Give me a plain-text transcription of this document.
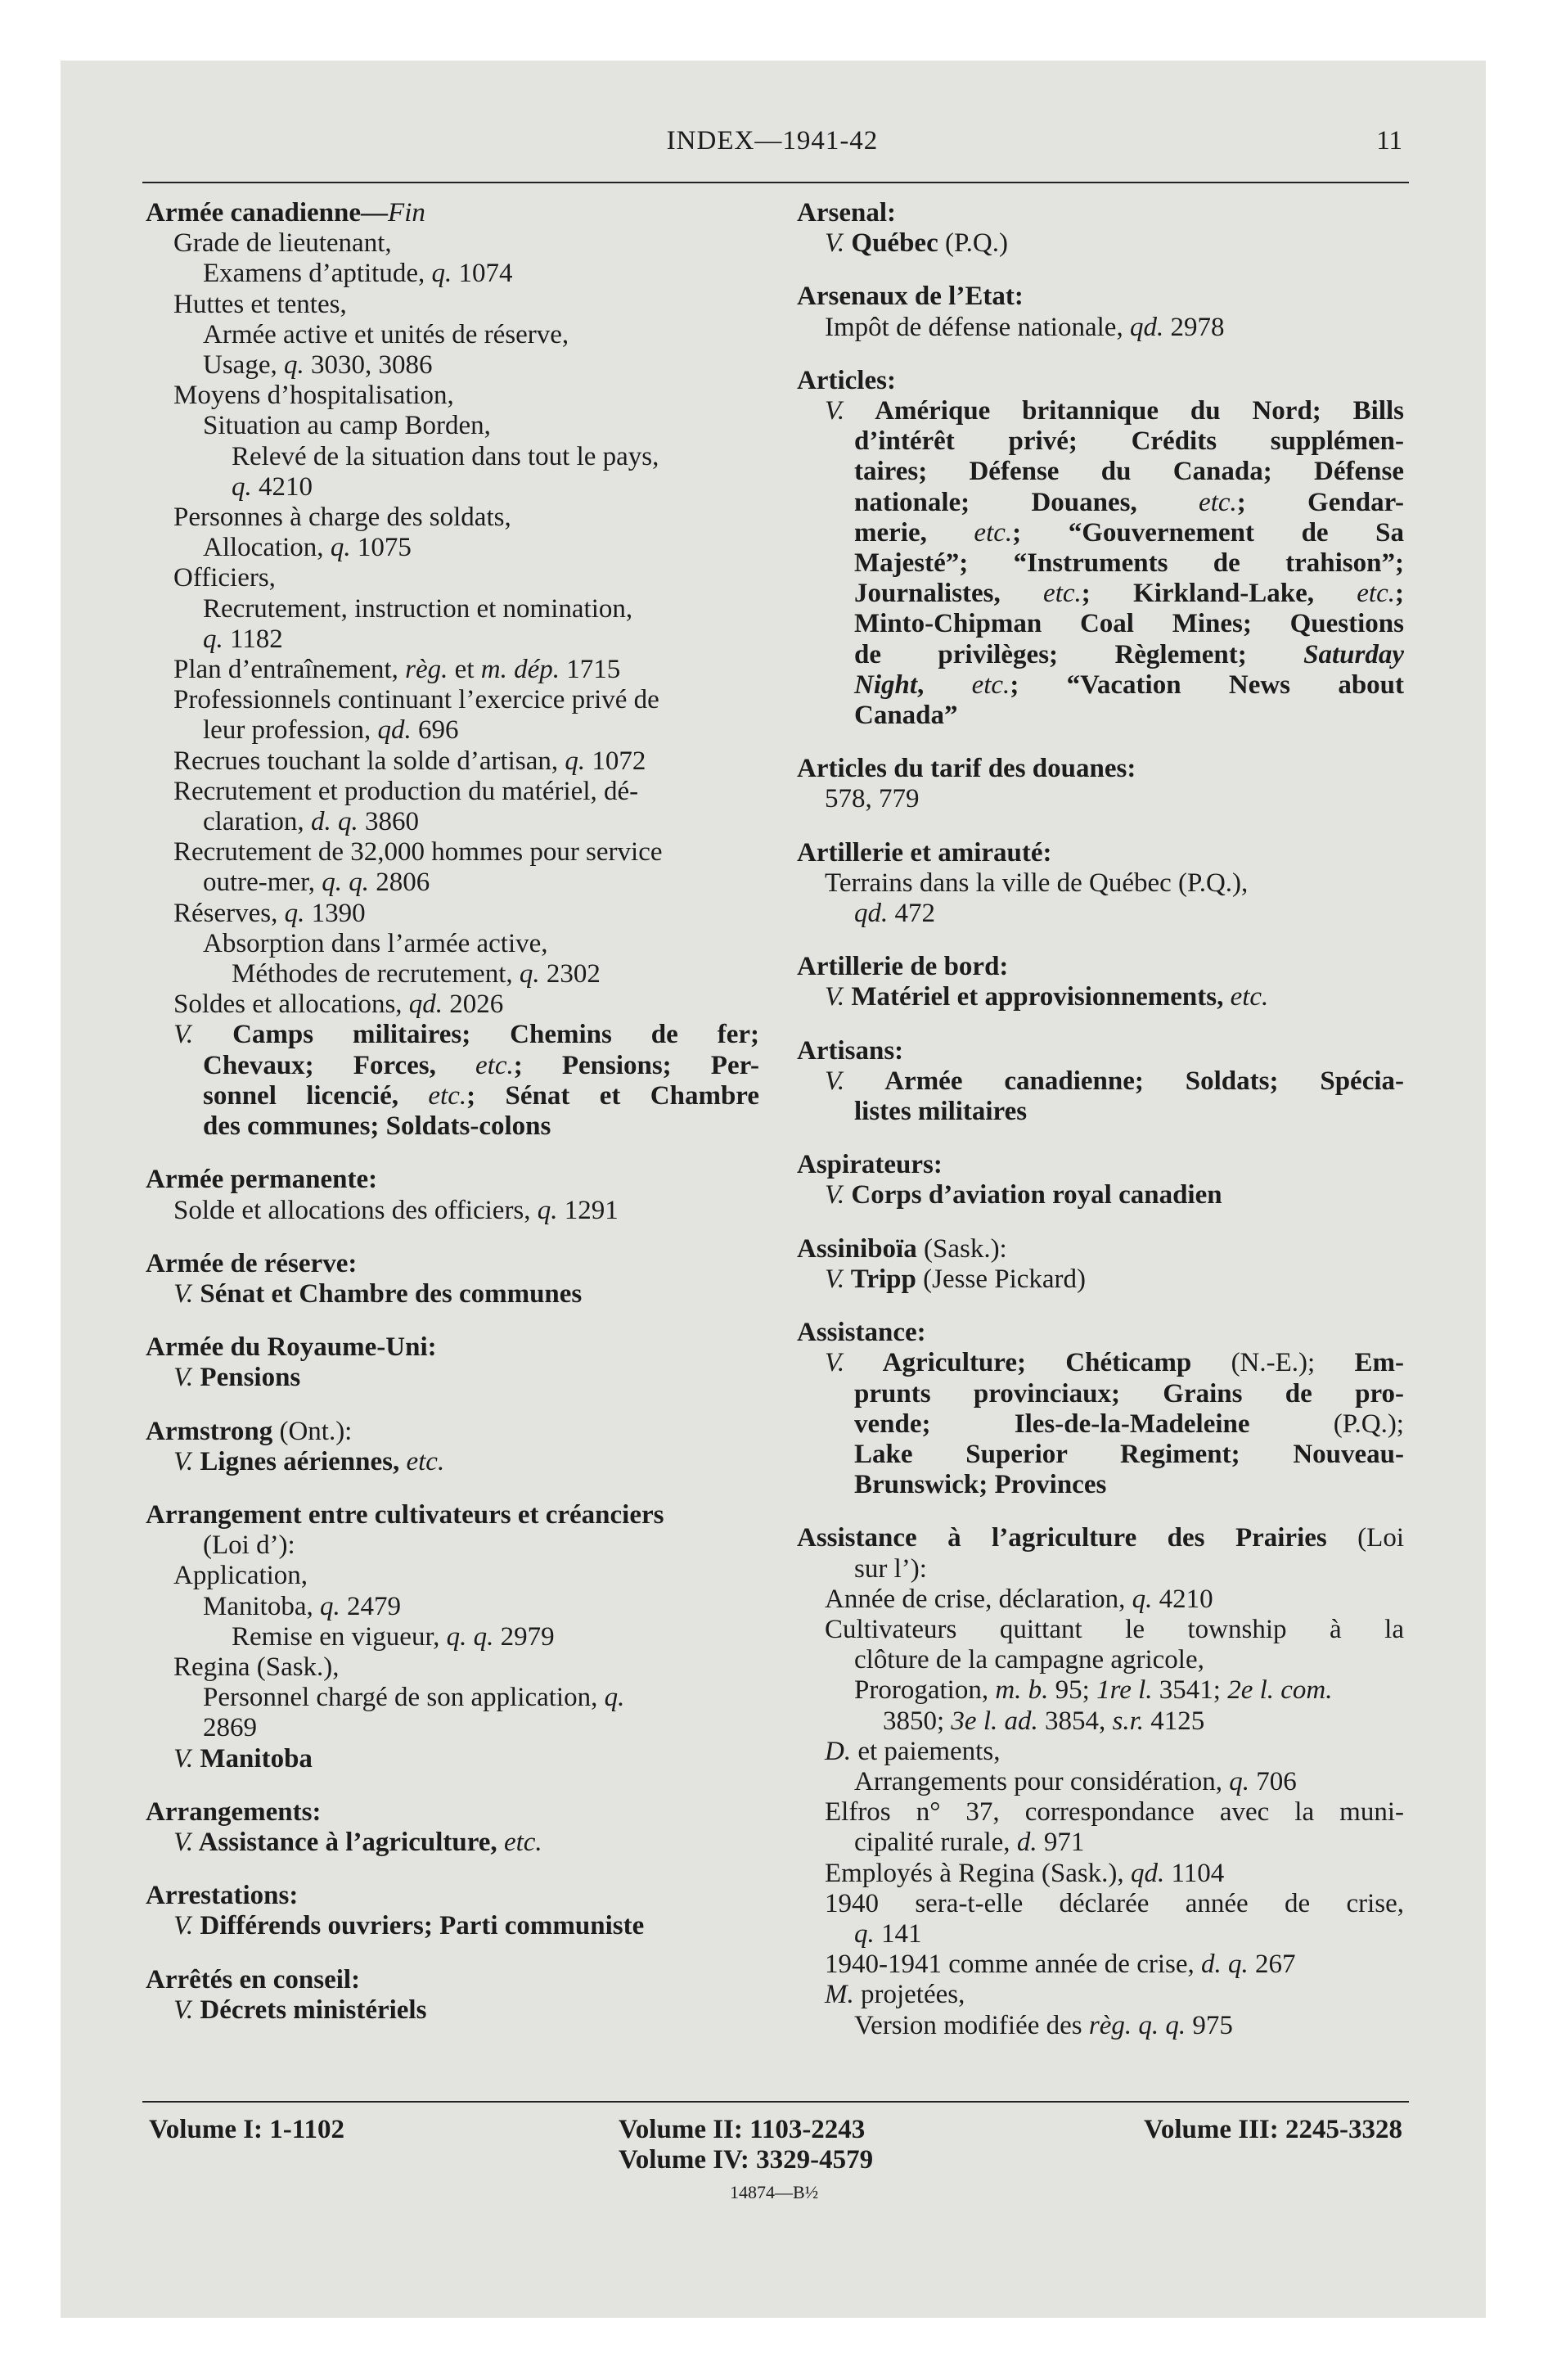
INDEX—1941-42	11
Armée canadienne—Fin
Grade de lieutenant,
Examens d’aptitude, q. 1074
Huttes et tentes,
Armée active et unités de réserve,
Usage, q. 3030, 3086
Moyens d’hospitalisation,
Situation au camp Borden,
Relevé de la situation dans tout le pays,
q. 4210
Personnes à charge des soldats,
Allocation, q. 1075
Officiers,
Recrutement, instruction et nomination,
q. 1182
Plan d’entraînement, règ. et m. dép. 1715
Professionnels continuant l’exercice privé de
leur profession, qd. 696
Recrues touchant la solde d’artisan, q. 1072
Recrutement et production du matériel, dé-
claration, d. q. 3860
Recrutement de 32,000 hommes pour service
outre-mer, q. q. 2806
Réserves, q. 1390
Absorption dans l’armée active,
Méthodes de recrutement, q. 2302
Soldes et allocations, qd. 2026
V. Camps militaires; Chemins de fer;
Chevaux; Forces, etc.; Pensions; Per-
sonnel licencié, etc.; Sénat et Chambre
des communes; Soldats-colons
Armée permanente:
Solde et allocations des officiers, q. 1291
Armée de réserve:
V. Sénat et Chambre des communes
Armée du Royaume-Uni:
V. Pensions
Armstrong (Ont.):
V. Lignes aériennes, etc.
Arrangement entre cultivateurs et créanciers
(Loi d’):
Application,
Manitoba, q. 2479
Remise en vigueur, q. q. 2979
Regina (Sask.),
Personnel chargé de son application, q.
2869
V. Manitoba
Arrangements:
V. Assistance à l’agriculture, etc.
Arrestations:
V. Différends ouvriers; Parti communiste
Arrêtés en conseil:
V. Décrets ministériels
Arsenal:
V. Québec (P.Q.)
Arsenaux de l’Etat:
Impôt de défense nationale, qd. 2978
Articles:
V. Amérique britannique du Nord; Bills
d’intérêt privé; Crédits supplémen-
taires; Défense du Canada; Défense
nationale; Douanes, etc.; Gendar-
merie, etc.; “Gouvernement de Sa
Majesté”; “Instruments de trahison”;
Journalistes, etc.; Kirkland-Lake, etc.;
Minto-Chipman Coal Mines; Questions
de privilèges; Règlement; Saturday
Night, etc.; “Vacation News about
Canada”
Articles du tarif des douanes:
578, 779
Artillerie et amirauté:
Terrains dans la ville de Québec (P.Q.),
qd. 472
Artillerie de bord:
V. Matériel et approvisionnements, etc.
Artisans:
V. Armée canadienne; Soldats; Spécia-
listes militaires
Aspirateurs:
V. Corps d’aviation royal canadien
Assiniboïa (Sask.):
V. Tripp (Jesse Pickard)
Assistance:
V. Agriculture; Chéticamp (N.-E.); Em-
prunts provinciaux; Grains de pro-
vende; Iles-de-la-Madeleine (P.Q.);
Lake Superior Regiment; Nouveau-
Brunswick; Provinces
Assistance à l’agriculture des Prairies (Loi
sur l’):
Année de crise, déclaration, q. 4210
Cultivateurs quittant le township à la
clôture de la campagne agricole,
Prorogation, m. b. 95; 1re l. 3541; 2e l. com.
3850; 3e l. ad. 3854, s.r. 4125
D. et paiements,
Arrangements pour considération, q. 706
Elfros n° 37, correspondance avec la muni-
cipalité rurale, d. 971
Employés à Regina (Sask.), qd. 1104
1940 sera-t-elle déclarée année de crise,
q. 141
1940-1941 comme année de crise, d. q. 267
M. projetées,
Version modifiée des règ. q. q. 975
Volume I: 1-1102	Volume II: 1103-2243
Volume IV: 3329-4579
Volume III: 2245-3328
14874—B½
